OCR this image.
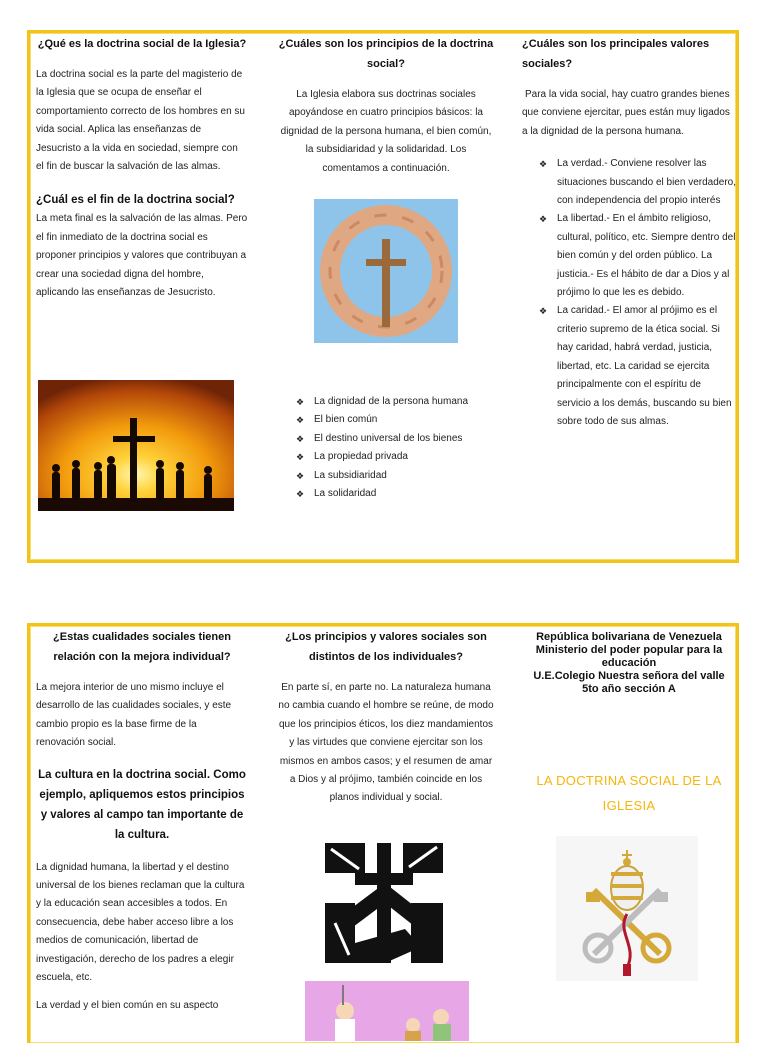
¿Qué es la doctrina social de la Iglesia?

La doctrina social es la parte del magisterio de la Iglesia que se ocupa de enseñar el comportamiento correcto de los hombres en su vida social. Aplica las enseñanzas de Jesucristo a la vida en sociedad, siempre con el fin de buscar la salvación de las almas.

¿Cuál es el fin de la doctrina social?

La meta final es la salvación de las almas. Pero el fin inmediato de la doctrina social es proponer principios y valores que contribuyan a crear una sociedad digna del hombre, aplicando las enseñanzas de Jesucristo.

¿Cuáles son los principios de la doctrina social?

La Iglesia elabora sus doctrinas sociales apoyándose en cuatro principios básicos: la dignidad de la persona humana, el bien común, la subsidiaridad y la solidaridad. Los comentamos a continuación.

❖ La dignidad de la persona humana
❖ El bien común
❖ El destino universal de los bienes
❖ La propiedad privada
❖ La subsidiaridad
❖ La solidaridad
¿Cuáles son los principales valores sociales?

Para la vida social, hay cuatro grandes bienes que conviene ejercitar, pues están muy ligados a la dignidad de la persona humana.

❖ La verdad.- Conviene resolver las situaciones buscando el bien verdadero, con independencia del propio interés
❖ La libertad.- En el ámbito religioso, cultural, político, etc. Siempre dentro del bien común y del orden público. La justicia.- Es el hábito de dar a Dios y al prójimo lo que les es debido.
❖ La caridad.- El amor al prójimo es el criterio supremo de la ética social. Si hay caridad, habrá verdad, justicia, libertad, etc. La caridad se ejercita principalmente con el espíritu de servicio a los demás, buscando su bien sobre todo de sus almas.
¿Estas cualidades sociales tienen relación con la mejora individual?

La mejora interior de uno mismo incluye el desarrollo de las cualidades sociales, y este cambio propio es la base firme de la renovación social.

La cultura en la doctrina social. Como ejemplo, apliquemos estos principios y valores al campo tan importante de la cultura.

La dignidad humana, la libertad y el destino universal de los bienes reclaman que la cultura y la educación sean accesibles a todos. En consecuencia, debe haber acceso libre a los medios de comunicación, libertad de investigación, derecho de los padres a elegir escuela, etc.

La verdad y el bien común en su aspecto

¿Los principios y valores sociales son distintos de los individuales?

En parte sí, en parte no. La naturaleza humana no cambia cuando el hombre se reúne, de modo que los principios éticos, los diez mandamientos y las virtudes que conviene ejercitar son los mismos en ambos casos; y el resumen de amar a Dios y al prójimo, también coincide en los planos individual y social.

República bolivariana de Venezuela

Ministerio del poder popular para la educación

U.E.Colegio Nuestra señora del valle

5to año sección A

LA DOCTRINA SOCIAL DE LA IGLESIA
